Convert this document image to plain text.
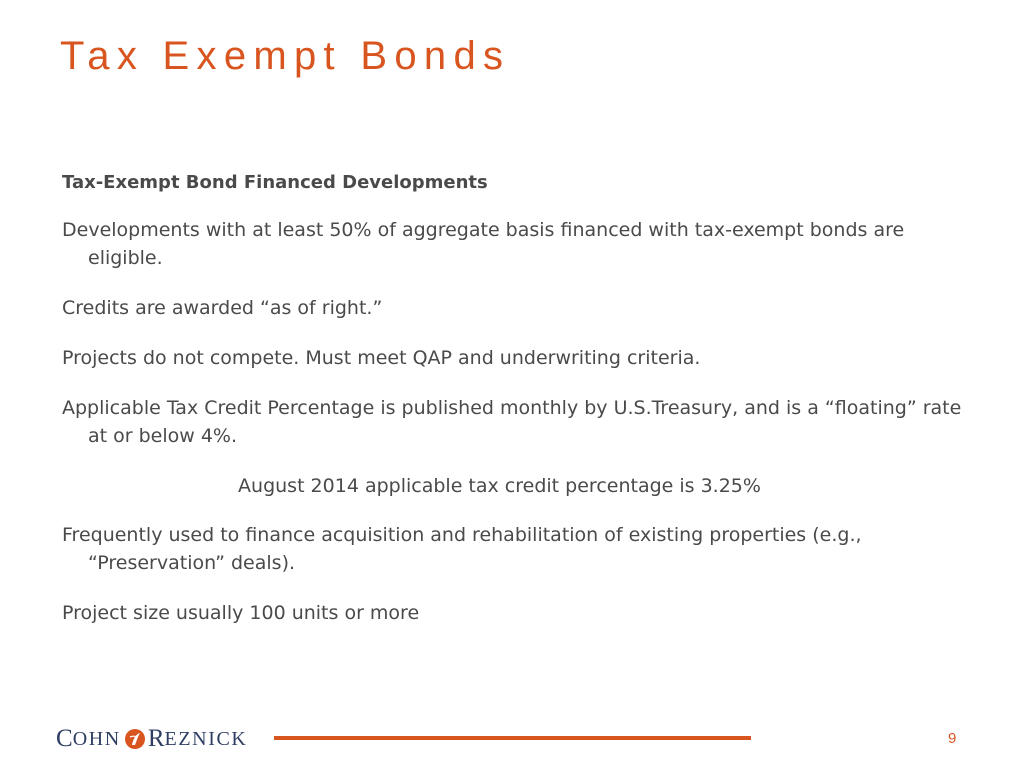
Tax Exempt Bonds

Tax-Exempt Bond Financed Developments

Developments with at least 50% of aggregate basis financed with tax-exempt bonds are eligible.

Credits are awarded “as of right.”

Projects do not compete. Must meet QAP and underwriting criteria.

Applicable Tax Credit Percentage is published monthly by U.S.Treasury, and is a “floating” rate at or below 4%.

August 2014 applicable tax credit percentage is 3.25%

Frequently used to finance acquisition and rehabilitation of existing properties (e.g., “Preservation” deals).

Project size usually 100 units or more

C OHN R EZNICK	9
